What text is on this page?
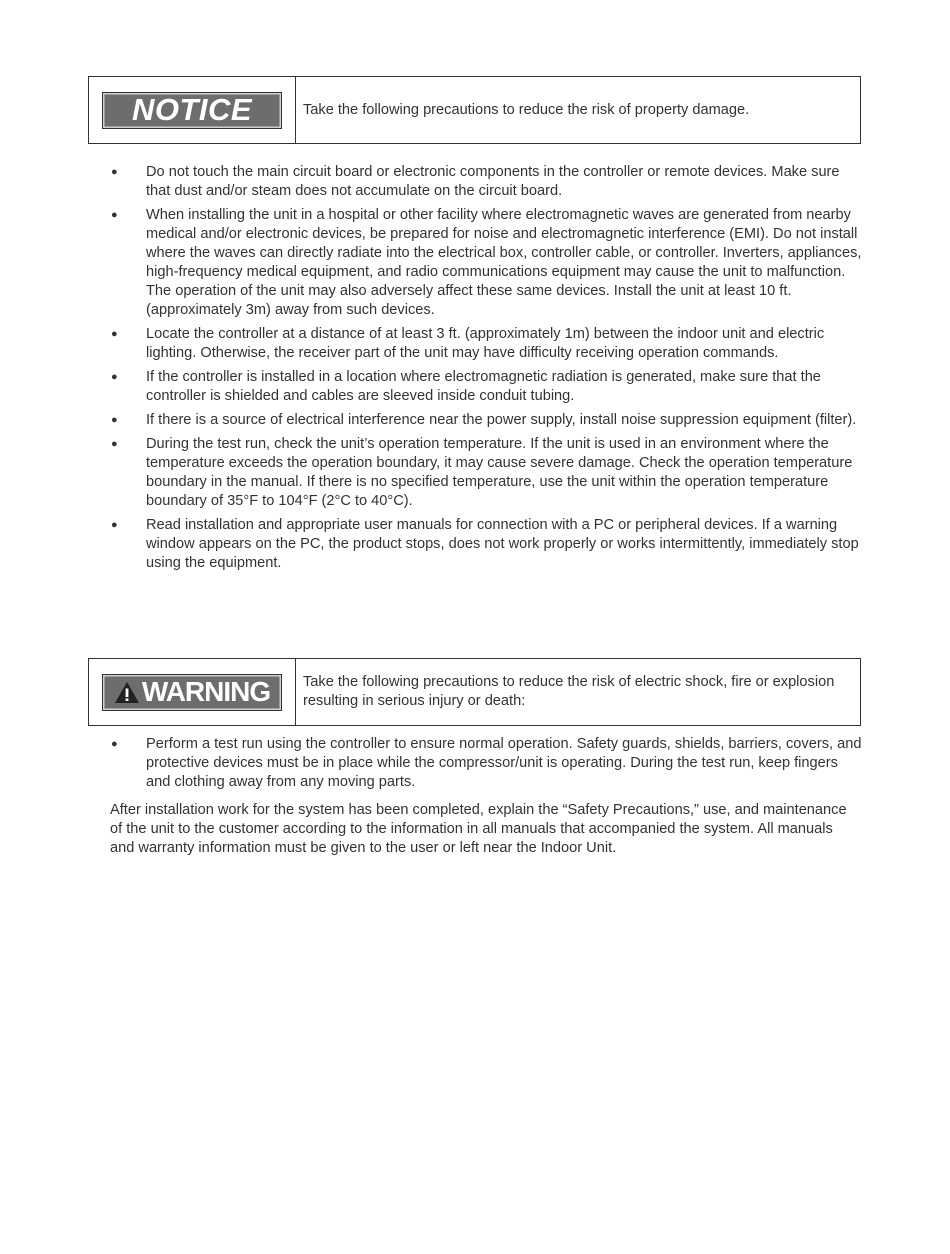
NOTICE	Take the following precautions to reduce the risk of property damage.
● Do not touch the main circuit board or electronic components in the controller or remote devices. Make sure that dust and/or steam does not accumulate on the circuit board.
● When installing the unit in a hospital or other facility where electromagnetic waves are generated from nearby medical and/or electronic devices, be prepared for noise and electromagnetic interference (EMI). Do not install where the waves can directly radiate into the electrical box, controller cable, or controller. Inverters, appliances, high-frequency medical equipment, and radio communications equipment may cause the unit to malfunction. The operation of the unit may also adversely affect these same devices. Install the unit at least 10 ft. (approximately 3m) away from such devices.
● Locate the controller at a distance of at least 3 ft. (approximately 1m) between the indoor unit and electric lighting. Otherwise, the receiver part of the unit may have difficulty receiving operation commands.
● If the controller is installed in a location where electromagnetic radiation is generated, make sure that the controller is shielded and cables are sleeved inside conduit tubing.
● If there is a source of electrical interference near the power supply, install noise suppression equipment (filter).
● During the test run, check the unit’s operation temperature. If the unit is used in an environment where the temperature exceeds the operation boundary, it may cause severe damage. Check the operation temperature boundary in the manual. If there is no specified temperature, use the unit within the operation temperature boundary of 35°F to 104°F (2°C to 40°C).
● Read installation and appropriate user manuals for connection with a PC or peripheral devices. If a warning window appears on the PC, the product stops, does not work properly or works intermittently, immediately stop using the equipment.
WARNING	Take the following precautions to reduce the risk of electric shock, fire or explosion resulting in serious injury or death:
● Perform a test run using the controller to ensure normal operation. Safety guards, shields, barriers, covers, and protective devices must be in place while the compressor/unit is operating. During the test run, keep fingers and clothing away from any moving parts.

After installation work for the system has been completed, explain the “Safety Precautions,” use, and maintenance of the unit to the customer according to the information in all manuals that accompanied the system. All manuals and warranty information must be given to the user or left near the Indoor Unit.
